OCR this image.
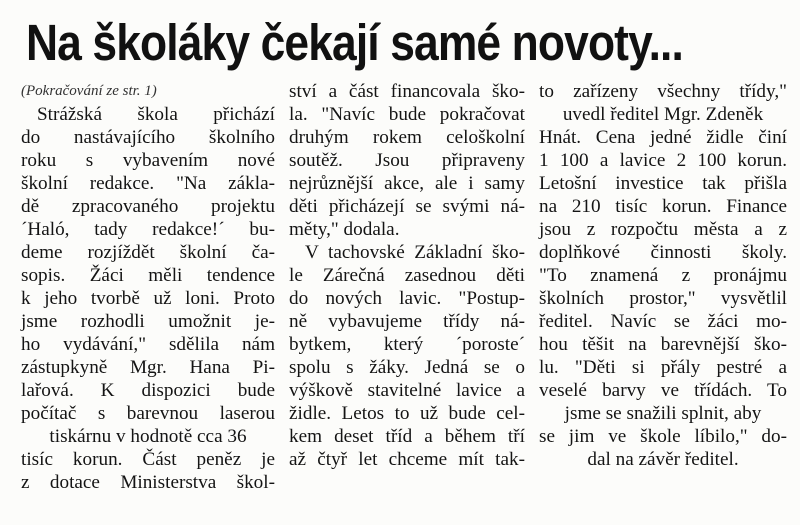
Na školáky čekají samé novoty...
(Pokračování ze str. 1)
Strážská škola přichází
do nastávajícího školního
roku s vybavením nové
školní redakce. "Na zákla-
dě zpracovaného projektu
´Haló, tady redakce!´ bu-
deme rozjíždět školní ča-
sopis. Žáci měli tendence
k jeho tvorbě už loni. Proto
jsme rozhodli umožnit je-
ho vydávání," sdělila nám
zástupkyně Mgr. Hana Pi-
lařová. K dispozici bude
počítač s barevnou laserou
tiskárnu v hodnotě cca 36
tisíc korun. Část peněz je
z dotace Ministerstva škol-
ství a část financovala ško-
la. "Navíc bude pokračovat
druhým rokem celoškolní
soutěž. Jsou připraveny
nejrůznější akce, ale i samy
děti přicházejí se svými ná-
měty," dodala.
V tachovské Základní ško-
le Zárečná zasednou děti
do nových lavic. "Postup-
ně vybavujeme třídy ná-
bytkem, který ´poroste´
spolu s žáky. Jedná se o
výškově stavitelné lavice a
židle. Letos to už bude cel-
kem deset tříd a během tří
až čtyř let chceme mít tak-
to zařízeny všechny třídy,"
uvedl ředitel Mgr. Zdeněk
Hnát. Cena jedné židle činí
1 100 a lavice 2 100 korun.
Letošní investice tak přišla
na 210 tisíc korun. Finance
jsou z rozpočtu města a z
doplňkové činnosti školy.
"To znamená z pronájmu
školních prostor," vysvětlil
ředitel. Navíc se žáci mo-
hou těšit na barevnější ško-
lu. "Děti si přály pestré a
veselé barvy ve třídách. To
jsme se snažili splnit, aby
se jim ve škole líbilo," do-
dal na závěr ředitel.
